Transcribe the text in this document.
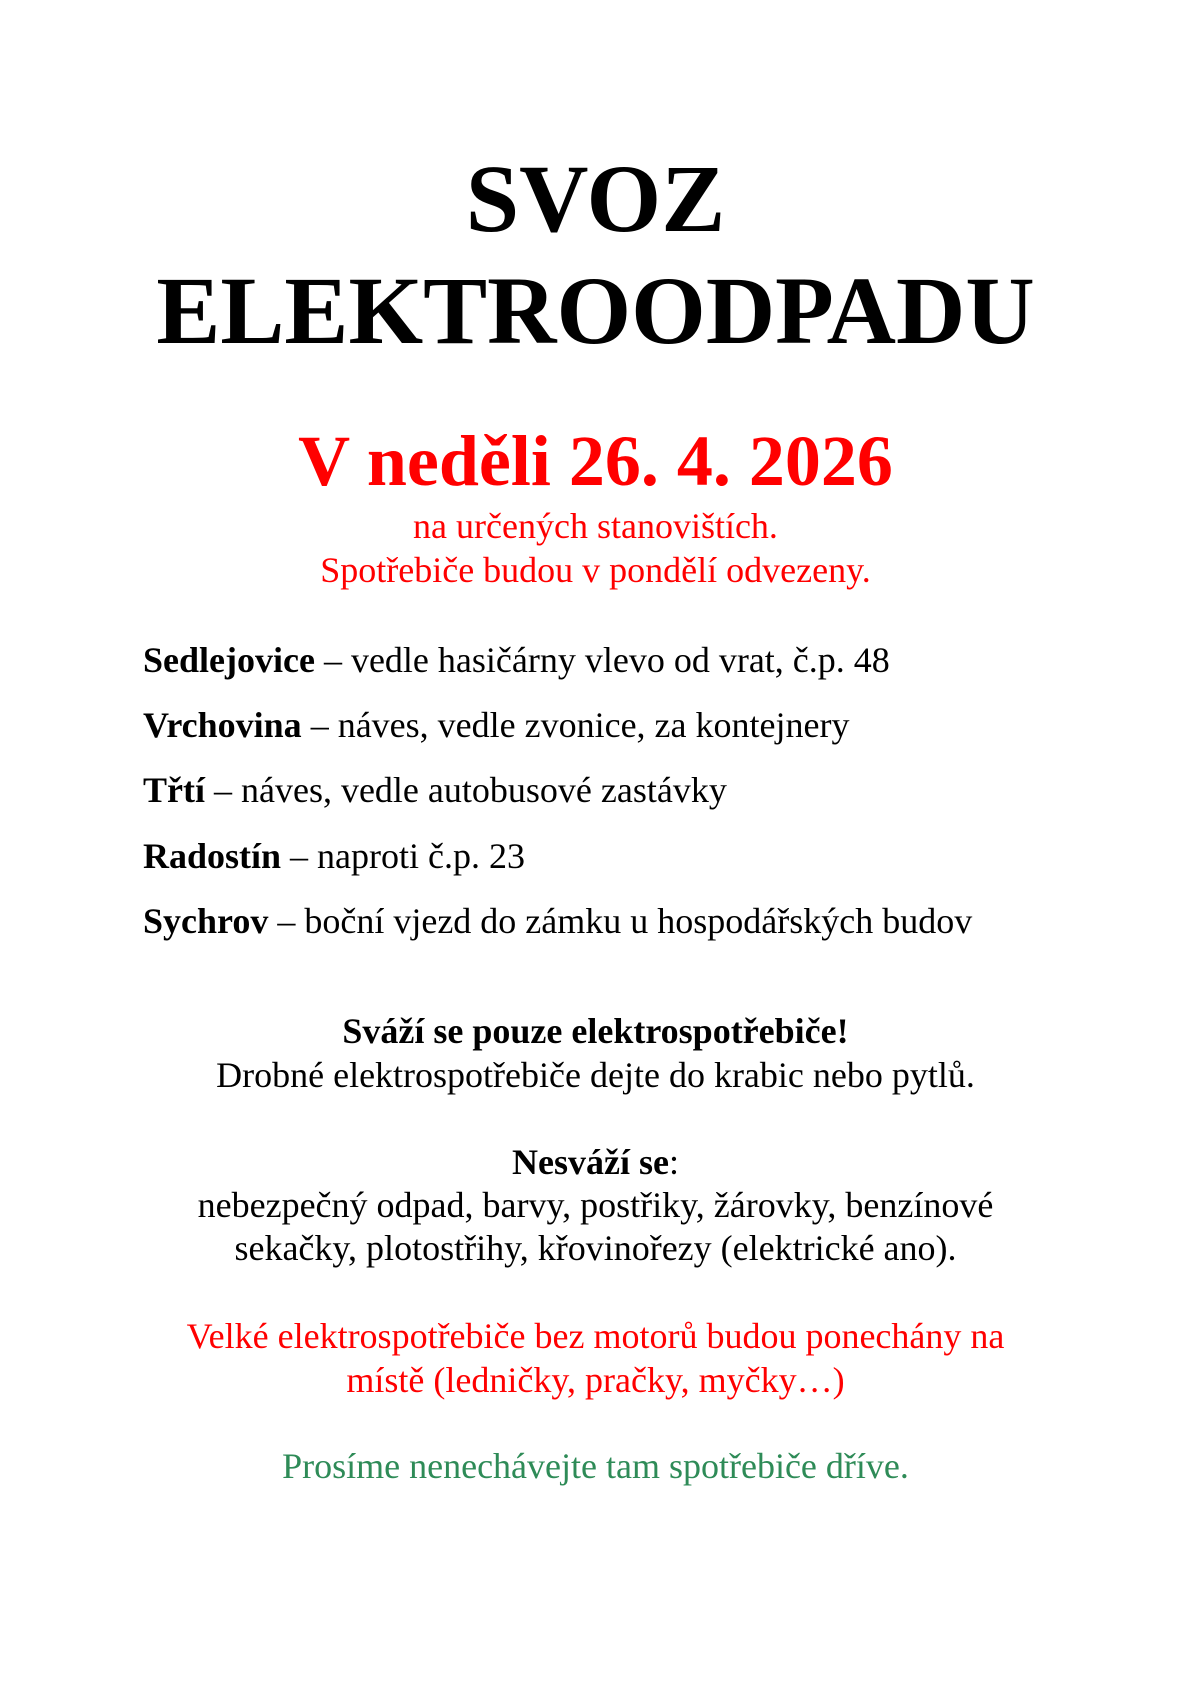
SVOZ
ELEKTROODPADU
V neděli 26. 4. 2026
na určených stanovištích.
Spotřebiče budou v pondělí odvezeny.
Sedlejovice – vedle hasičárny vlevo od vrat, č.p. 48
Vrchovina – náves, vedle zvonice, za kontejnery
Třtí – náves, vedle autobusové zastávky
Radostín – naproti č.p. 23
Sychrov – boční vjezd do zámku u hospodářských budov
Sváží se pouze elektrospotřebiče!
Drobné elektrospotřebiče dejte do krabic nebo pytlů.
Nesváží se:
nebezpečný odpad, barvy, postřiky, žárovky, benzínové
sekačky, plotostřihy, křovinořezy (elektrické ano).
Velké elektrospotřebiče bez motorů budou ponechány na
místě (ledničky, pračky, myčky…)
Prosíme nenechávejte tam spotřebiče dříve.
